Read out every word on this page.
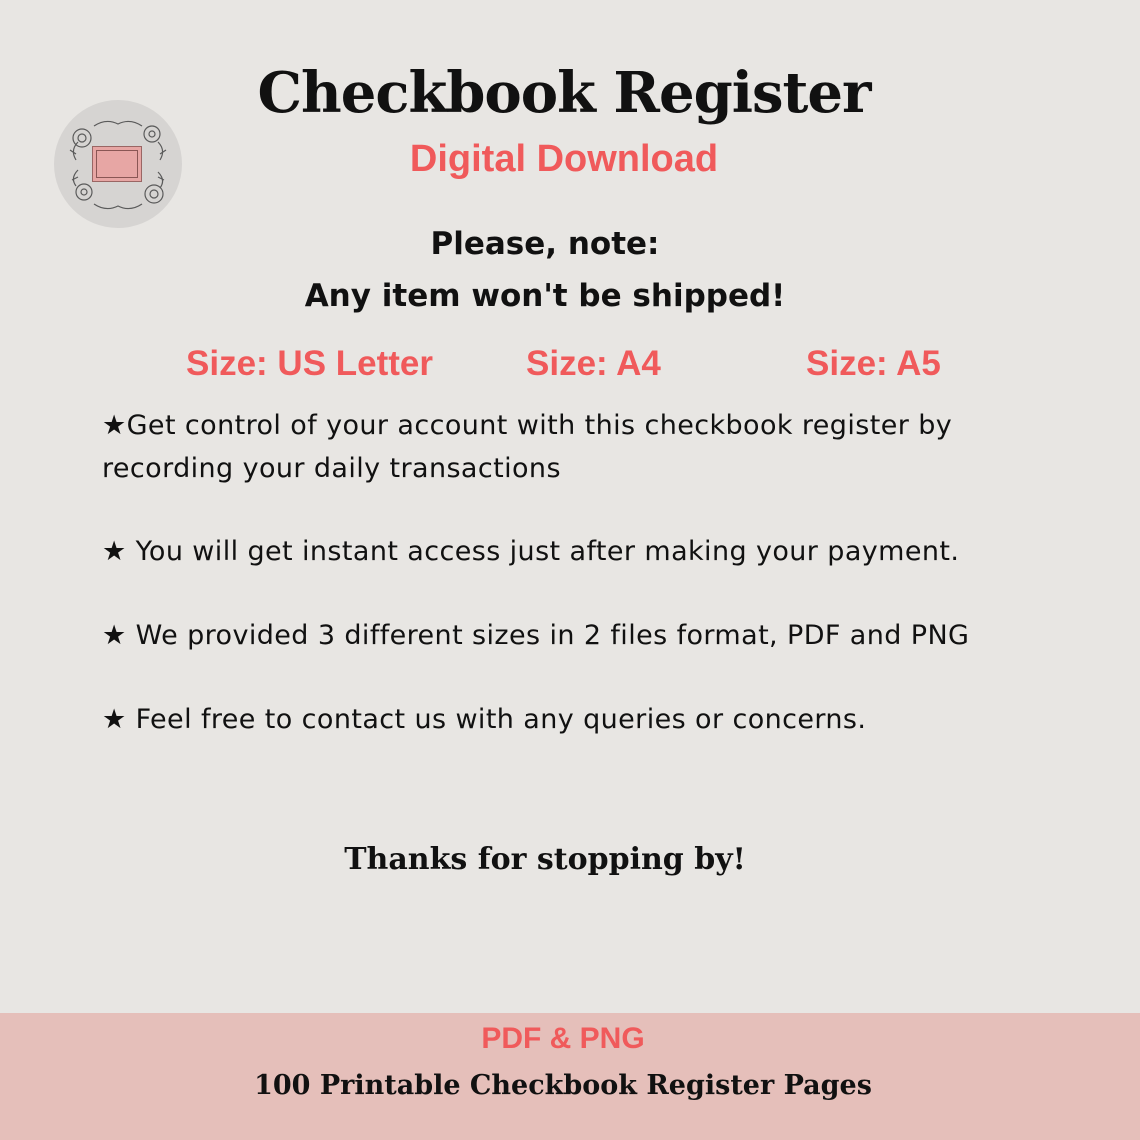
Checkbook Register
Digital Download

Please, note:

Any item won't be shipped!

Size: US Letter	Size: A4	Size: A5

★Get control of your account with this checkbook register by recording your daily transactions

★ You will get instant access just after making your payment.

★ We provided 3 different sizes in 2 files format, PDF and PNG

★ Feel free to contact us with any queries or concerns.

Thanks for stopping by!

PDF & PNG

100 Printable Checkbook Register Pages
